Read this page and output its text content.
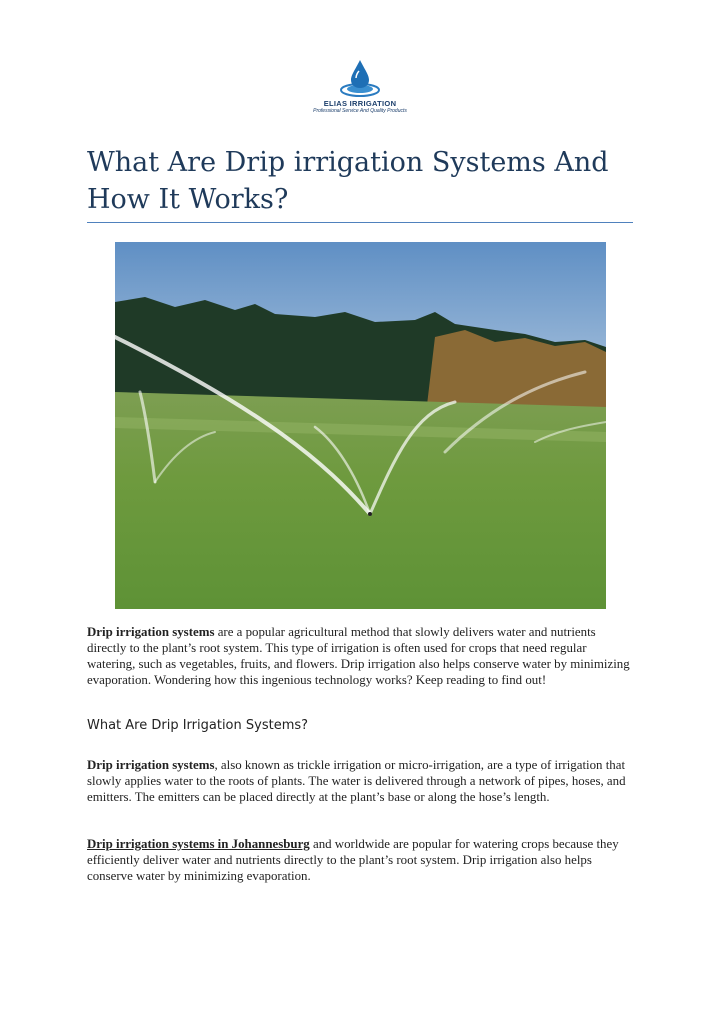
ELIAS IRRIGATION
Professional Service And Quality Products
What Are Drip irrigation Systems And How It Works?

Drip irrigation systems are a popular agricultural method that slowly delivers water and nutrients directly to the plant’s root system. This type of irrigation is often used for crops that need regular watering, such as vegetables, fruits, and flowers. Drip irrigation also helps conserve water by minimizing evaporation. Wondering how this ingenious technology works? Keep reading to find out!

What Are Drip Irrigation Systems?

Drip irrigation systems, also known as trickle irrigation or micro-irrigation, are a type of irrigation that slowly applies water to the roots of plants. The water is delivered through a network of pipes, hoses, and emitters. The emitters can be placed directly at the plant’s base or along the hose’s length.

Drip irrigation systems in Johannesburg and worldwide are popular for watering crops because they efficiently deliver water and nutrients directly to the plant’s root system. Drip irrigation also helps conserve water by minimizing evaporation.
